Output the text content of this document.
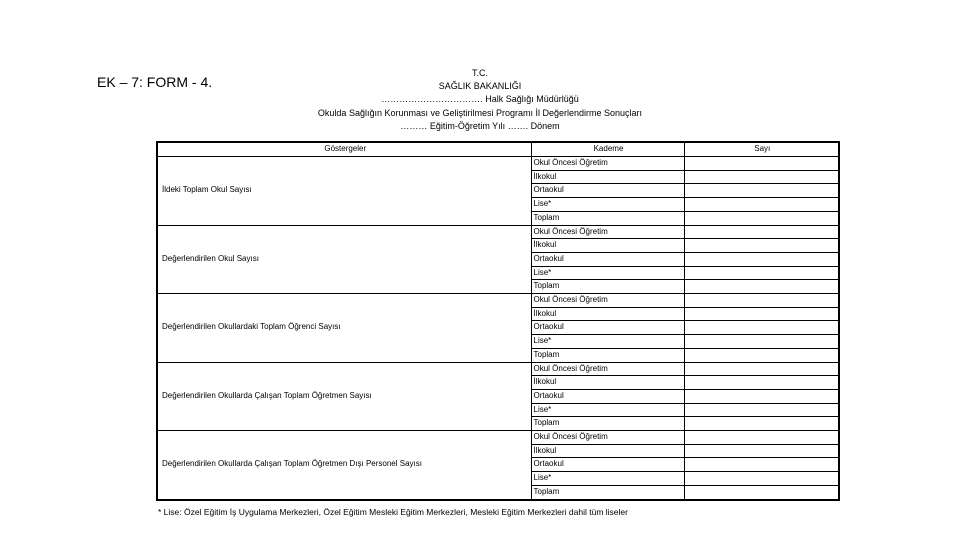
EK – 7: FORM - 4.
T.C.
SAĞLIK BAKANLIĞI
……………………………. Halk Sağlığı Müdürlüğü
Okulda Sağlığın Korunması ve Geliştirilmesi Programı İl Değerlendirme Sonuçları
……… Eğitim-Öğretim Yılı ……. Dönem
Göstergeler	Kademe	Sayı
İldeki Toplam Okul Sayısı	Okul Öncesi Öğretim	
	İlkokul	
	Ortaokul	
	Lise*	
	Toplam	
Değerlendirilen Okul Sayısı	Okul Öncesi Öğretim	
	İlkokul	
	Ortaokul	
	Lise*	
	Toplam	
Değerlendirilen Okullardaki Toplam Öğrenci Sayısı	Okul Öncesi Öğretim	
	İlkokul	
	Ortaokul	
	Lise*	
	Toplam	
Değerlendirilen Okullarda Çalışan Toplam Öğretmen Sayısı	Okul Öncesi Öğretim	
	İlkokul	
	Ortaokul	
	Lise*	
	Toplam	
Değerlendirilen Okullarda Çalışan Toplam Öğretmen Dışı Personel Sayısı	Okul Öncesi Öğretim	
	İlkokul	
	Ortaokul	
	Lise*	
	Toplam	
* Lise: Özel Eğitim İş Uygulama Merkezleri, Özel Eğitim Mesleki Eğitim Merkezleri, Mesleki Eğitim Merkezleri dahil tüm liseler
